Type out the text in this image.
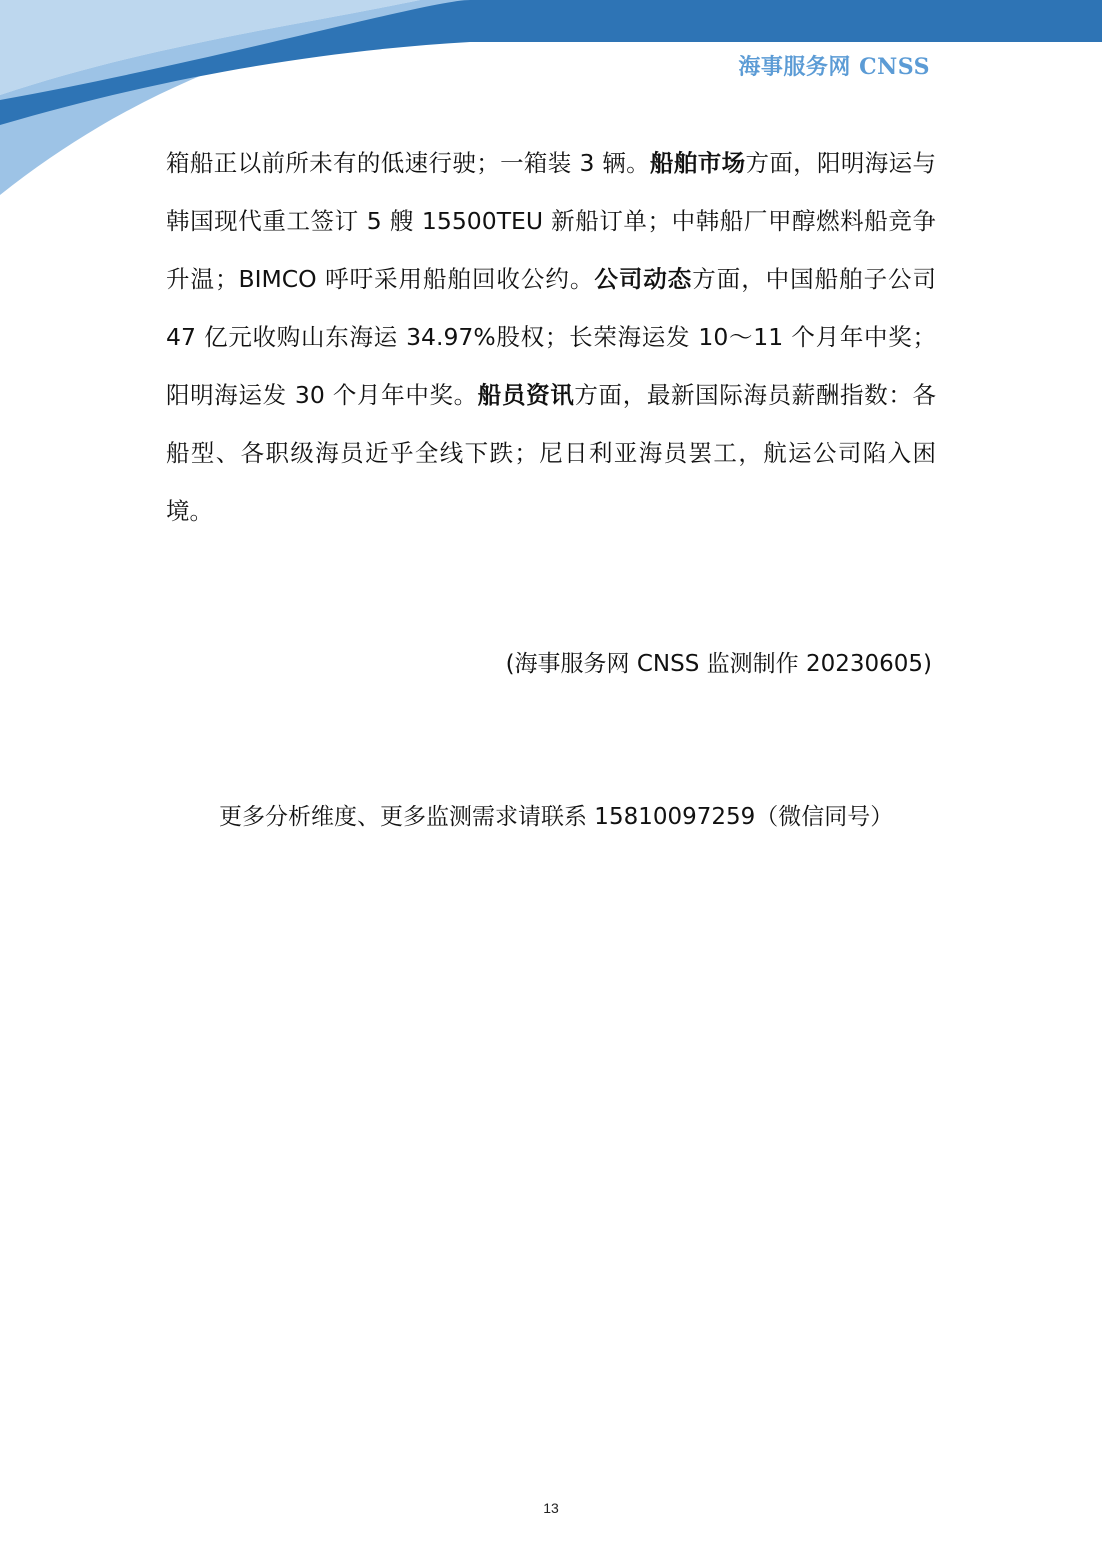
海事服务网 CNSS

箱船正以前所未有的低速行驶；一箱装 3 辆。船舶市场方面，阳明海运与韩国现代重工签订 5 艘 15500TEU 新船订单；中韩船厂甲醇燃料船竞争升温；BIMCO 呼吁采用船舶回收公约。公司动态方面，中国船舶子公司 47 亿元收购山东海运 34.97%股权；长荣海运发 10～11 个月年中奖；阳明海运发 30 个月年中奖。船员资讯方面，最新国际海员薪酬指数：各船型、各职级海员近乎全线下跌；尼日利亚海员罢工，航运公司陷入困境。

(海事服务网 CNSS 监测制作 20230605)
更多分析维度、更多监测需求请联系 15810097259（微信同号）
13
